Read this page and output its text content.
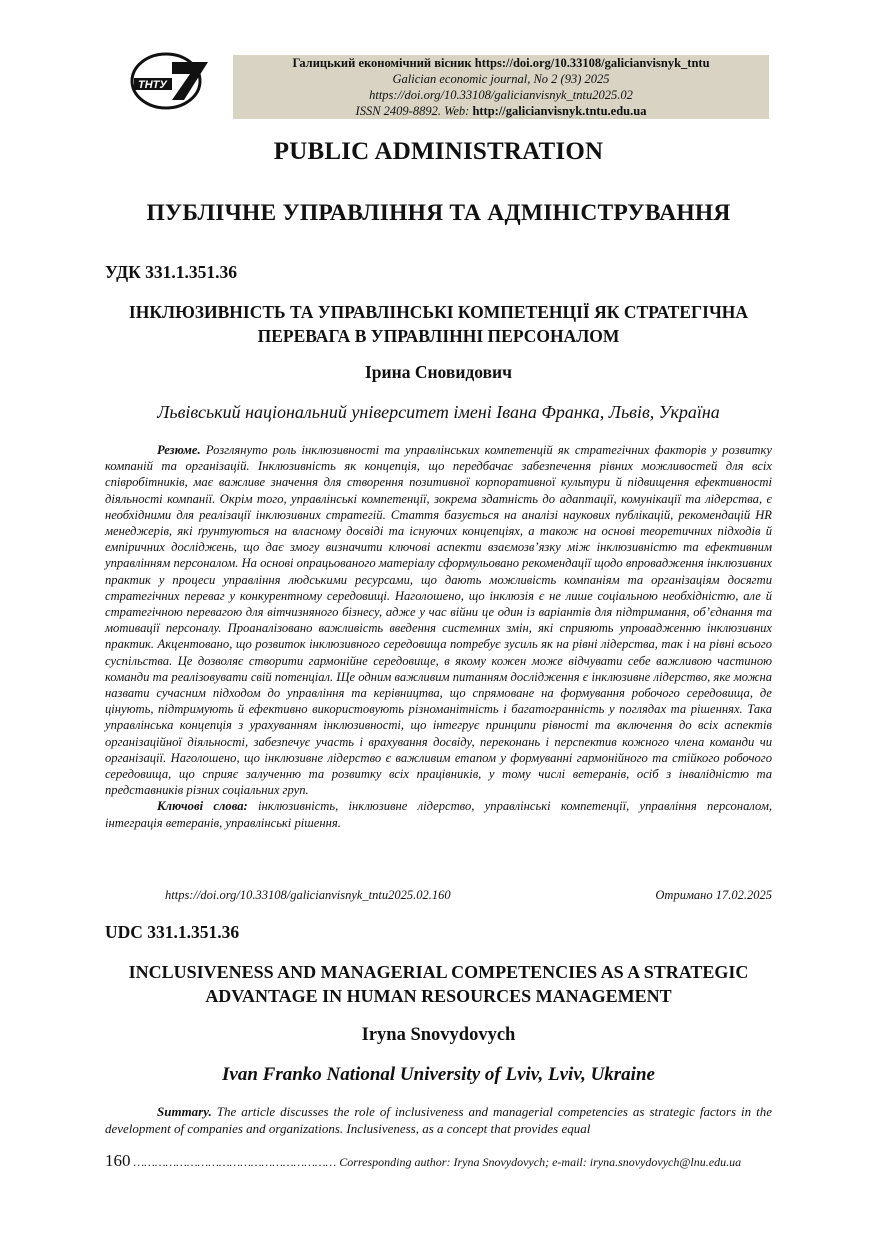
ТНТУ
Галицький економічний вісник https://doi.org/10.33108/galicianvisnyk_tntu
Galician economic journal, No 2 (93) 2025
https://doi.org/10.33108/galicianvisnyk_tntu2025.02
ISSN 2409-8892. Web: http://galicianvisnyk.tntu.edu.ua
PUBLIC ADMINISTRATION
ПУБЛІЧНЕ УПРАВЛІННЯ ТА АДМІНІСТРУВАННЯ
УДК 331.1.351.36
ІНКЛЮЗИВНІСТЬ ТА УПРАВЛІНСЬКІ КОМПЕТЕНЦІЇ ЯК СТРАТЕГІЧНА ПЕРЕВАГА В УПРАВЛІННІ ПЕРСОНАЛОМ
Ірина Сновидович
Львівський національний університет імені Івана Франка, Львів, Україна
Резюме. Розглянуто роль інклюзивності та управлінських компетенцій як стратегічних факторів у розвитку компаній та організацій. Інклюзивність як концепція, що передбачає забезпечення рівних можливостей для всіх співробітників, має важливе значення для створення позитивної корпоративної культури й підвищення ефективності діяльності компанії. Окрім того, управлінські компетенції, зокрема здатність до адаптації, комунікації та лідерства, є необхідними для реалізації інклюзивних стратегій. Стаття базується на аналізі наукових публікацій, рекомендацій HR менеджерів, які ґрунтуються на власному досвіді та існуючих концепціях, а також на основі теоретичних підходів й емпіричних досліджень, що дає змогу визначити ключові аспекти взаємозв’язку між інклюзивністю та ефективним управлінням персоналом. На основі опрацьованого матеріалу сформульовано рекомендації щодо впровадження інклюзивних практик у процеси управління людськими ресурсами, що дають можливість компаніям та організаціям досягти стратегічних переваг у конкурентному середовищі. Наголошено, що інклюзія є не лише соціальною необхідністю, але й стратегічною перевагою для вітчизняного бізнесу, адже у час війни це один із варіантів для підтримання, об’єднання та мотивації персоналу. Проаналізовано важливість введення системних змін, які сприяють упровадженню інклюзивних практик. Акцентовано, що розвиток інклюзивного середовища потребує зусиль як на рівні лідерства, так і на рівні всього суспільства. Це дозволяє створити гармонійне середовище, в якому кожен може відчувати себе важливою частиною команди та реалізовувати свій потенціал. Ще одним важливим питанням дослідження є інклюзивне лідерство, яке можна назвати сучасним підходом до управління та керівництва, що спрямоване на формування робочого середовища, де цінують, підтримують й ефективно використовують різноманітність і багатогранність у поглядах та рішеннях. Така управлінська концепція з урахуванням інклюзивності, що інтегрує принципи рівності та включення до всіх аспектів організаційної діяльності, забезпечує участь і врахування досвіду, переконань і перспектив кожного члена команди чи організації. Наголошено, що інклюзивне лідерство є важливим етапом у формуванні гармонійного та стійкого робочого середовища, що сприяє залученню та розвитку всіх працівників, у тому числі ветеранів, осіб з інвалідністю та представників різних соціальних груп.
Ключові слова: інклюзивність, інклюзивне лідерство, управлінські компетенції, управління персоналом, інтеграція ветеранів, управлінські рішення.
https://doi.org/10.33108/galicianvisnyk_tntu2025.02.160	Отримано 17.02.2025
UDC 331.1.351.36
INCLUSIVENESS AND MANAGERIAL COMPETENCIES AS A STRATEGIC ADVANTAGE IN HUMAN RESOURCES MANAGEMENT
Iryna Snovydovych
Ivan Franko National University of Lviv, Lviv, Ukraine
Summary. The article discusses the role of inclusiveness and managerial competencies as strategic factors in the development of companies and organizations. Inclusiveness, as a concept that provides equal
160 ………………………………………………… Corresponding author: Iryna Snovydovych; e-mail: iryna.snovydovych@lnu.edu.ua
